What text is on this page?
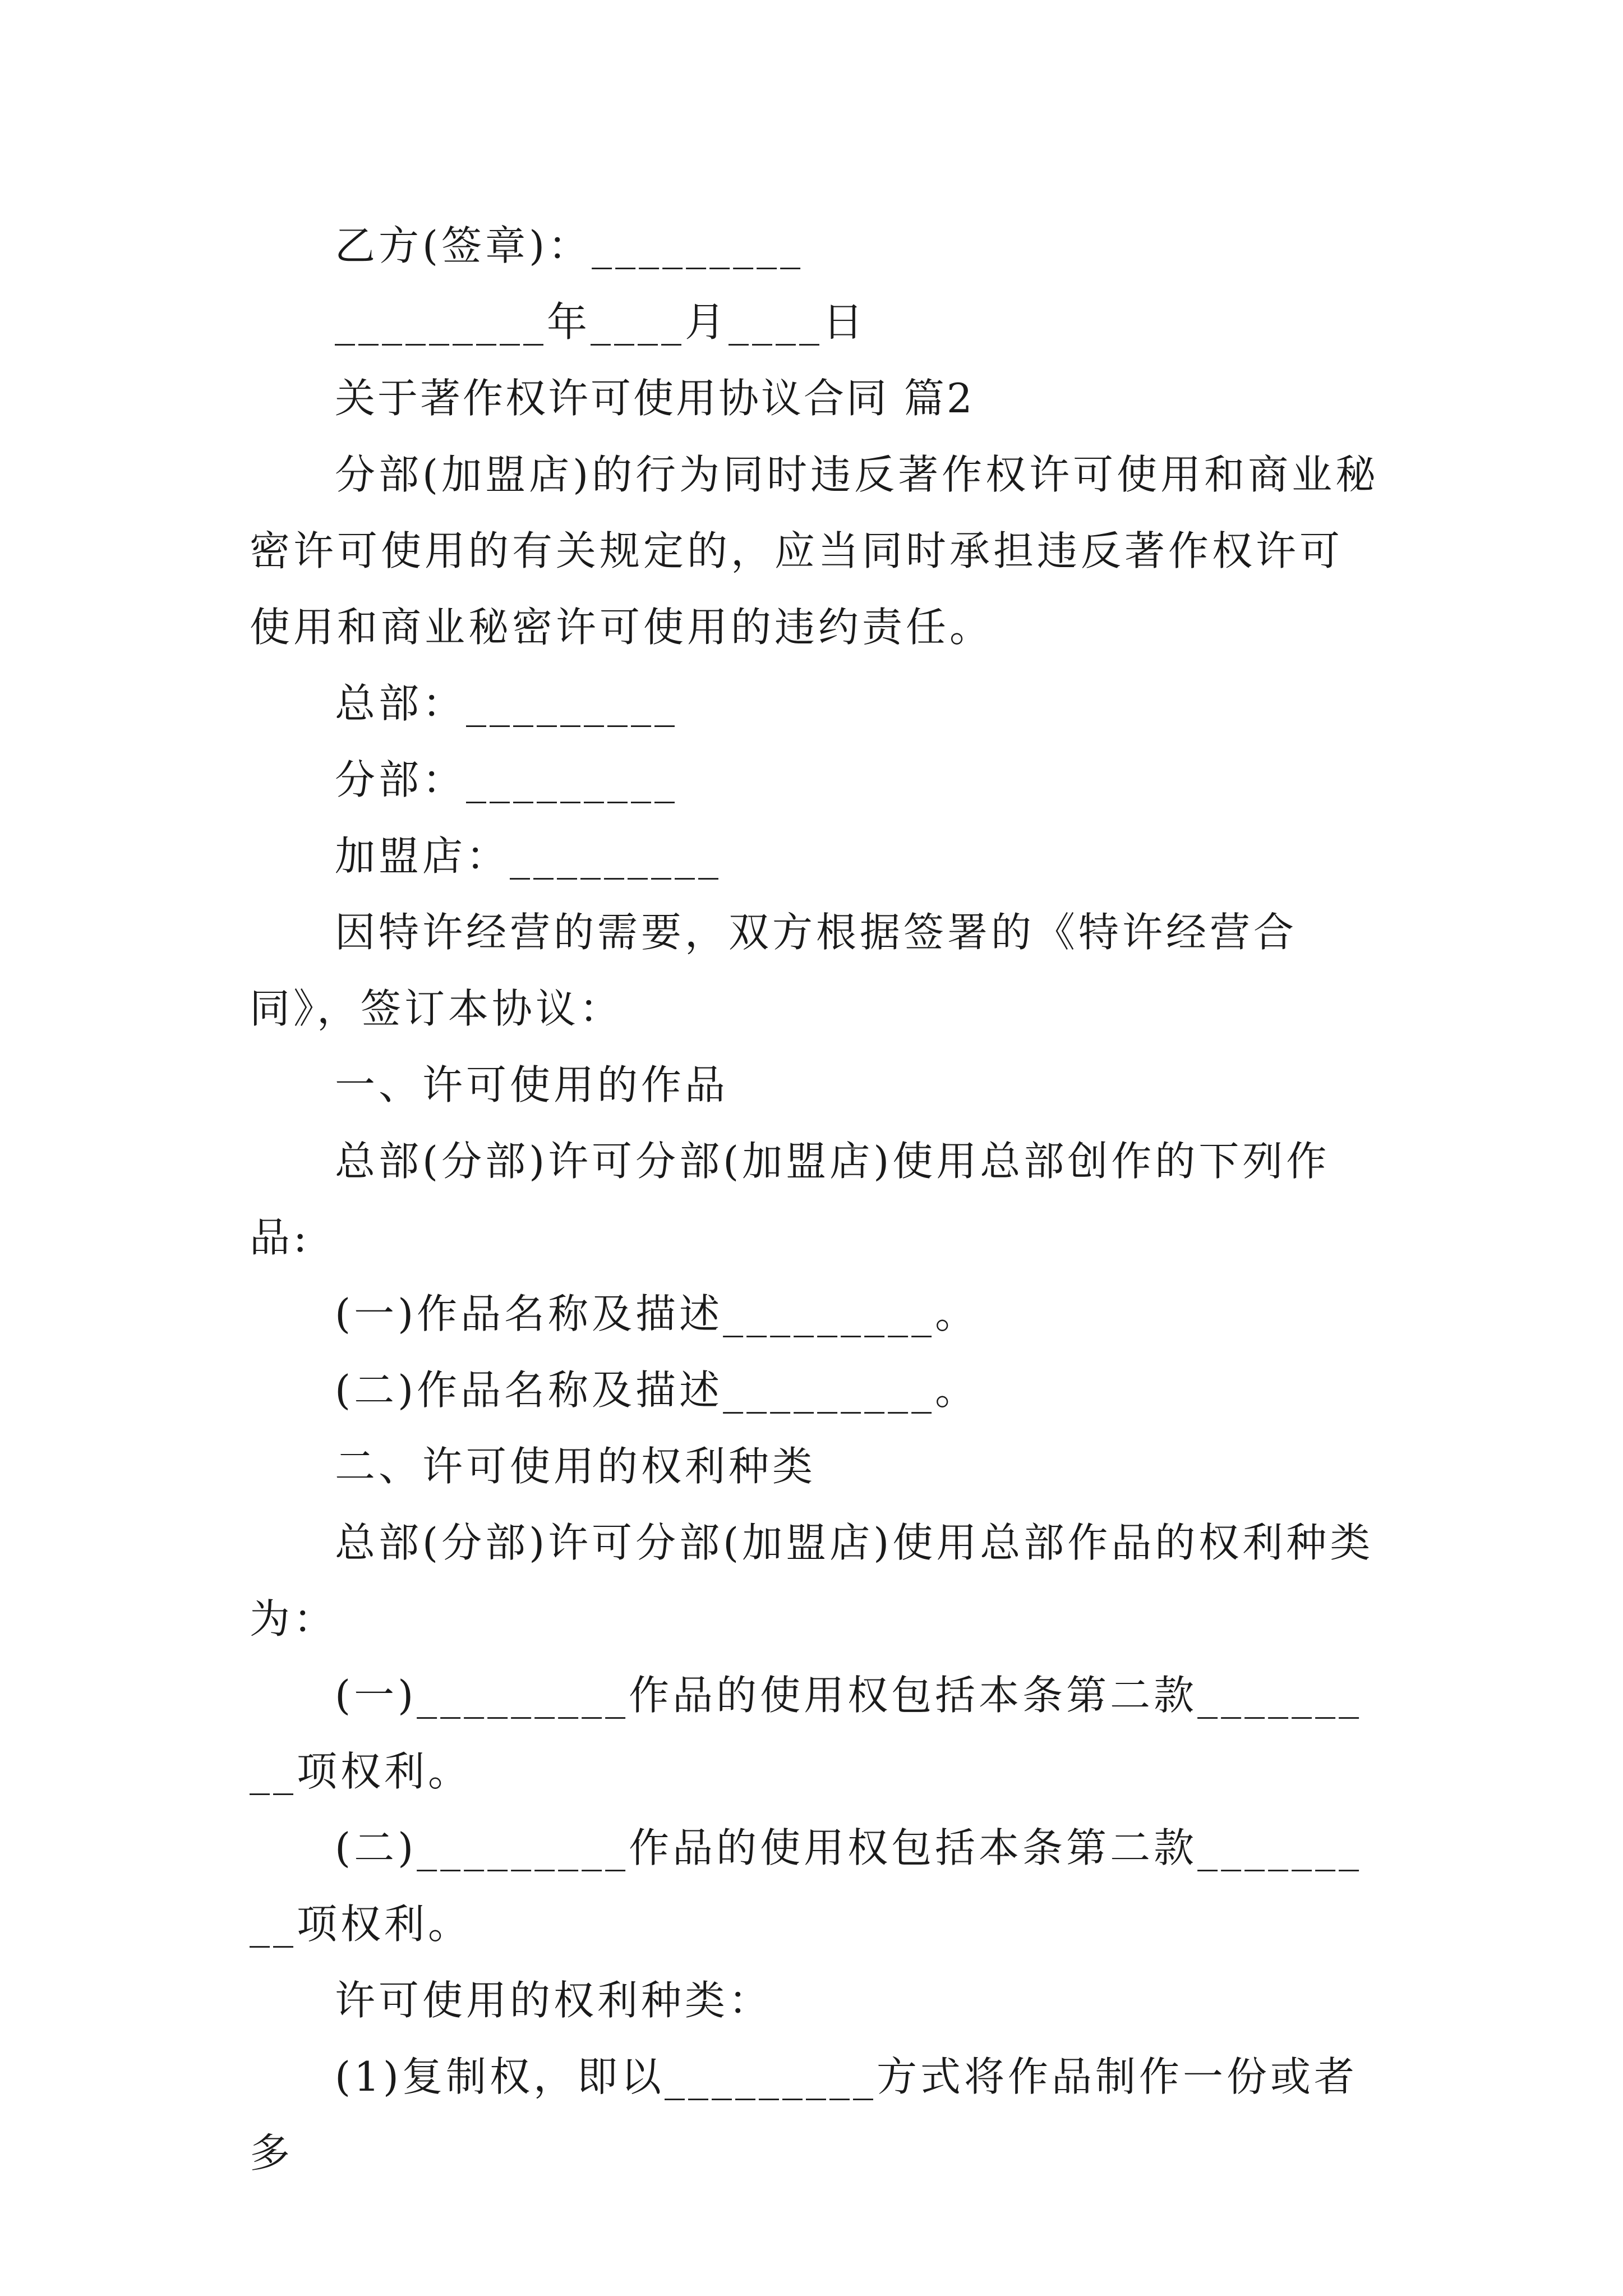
乙方(签章)：_________

_________年____月____日

关于著作权许可使用协议合同 篇2

分部(加盟店)的行为同时违反著作权许可使用和商业秘密许可使用的有关规定的，应当同时承担违反著作权许可使用和商业秘密许可使用的违约责任。

总部：_________

分部：_________

加盟店：_________

因特许经营的需要，双方根据签署的《特许经营合同》，签订本协议：

一、许可使用的作品

总部(分部)许可分部(加盟店)使用总部创作的下列作品:

(一)作品名称及描述_________。

(二)作品名称及描述_________。

二、许可使用的权利种类

总部(分部)许可分部(加盟店)使用总部作品的权利种类为：

(一)_________作品的使用权包括本条第二款_________项权利。

(二)_________作品的使用权包括本条第二款_________项权利。

许可使用的权利种类：

(1)复制权，即以_________方式将作品制作一份或者多
